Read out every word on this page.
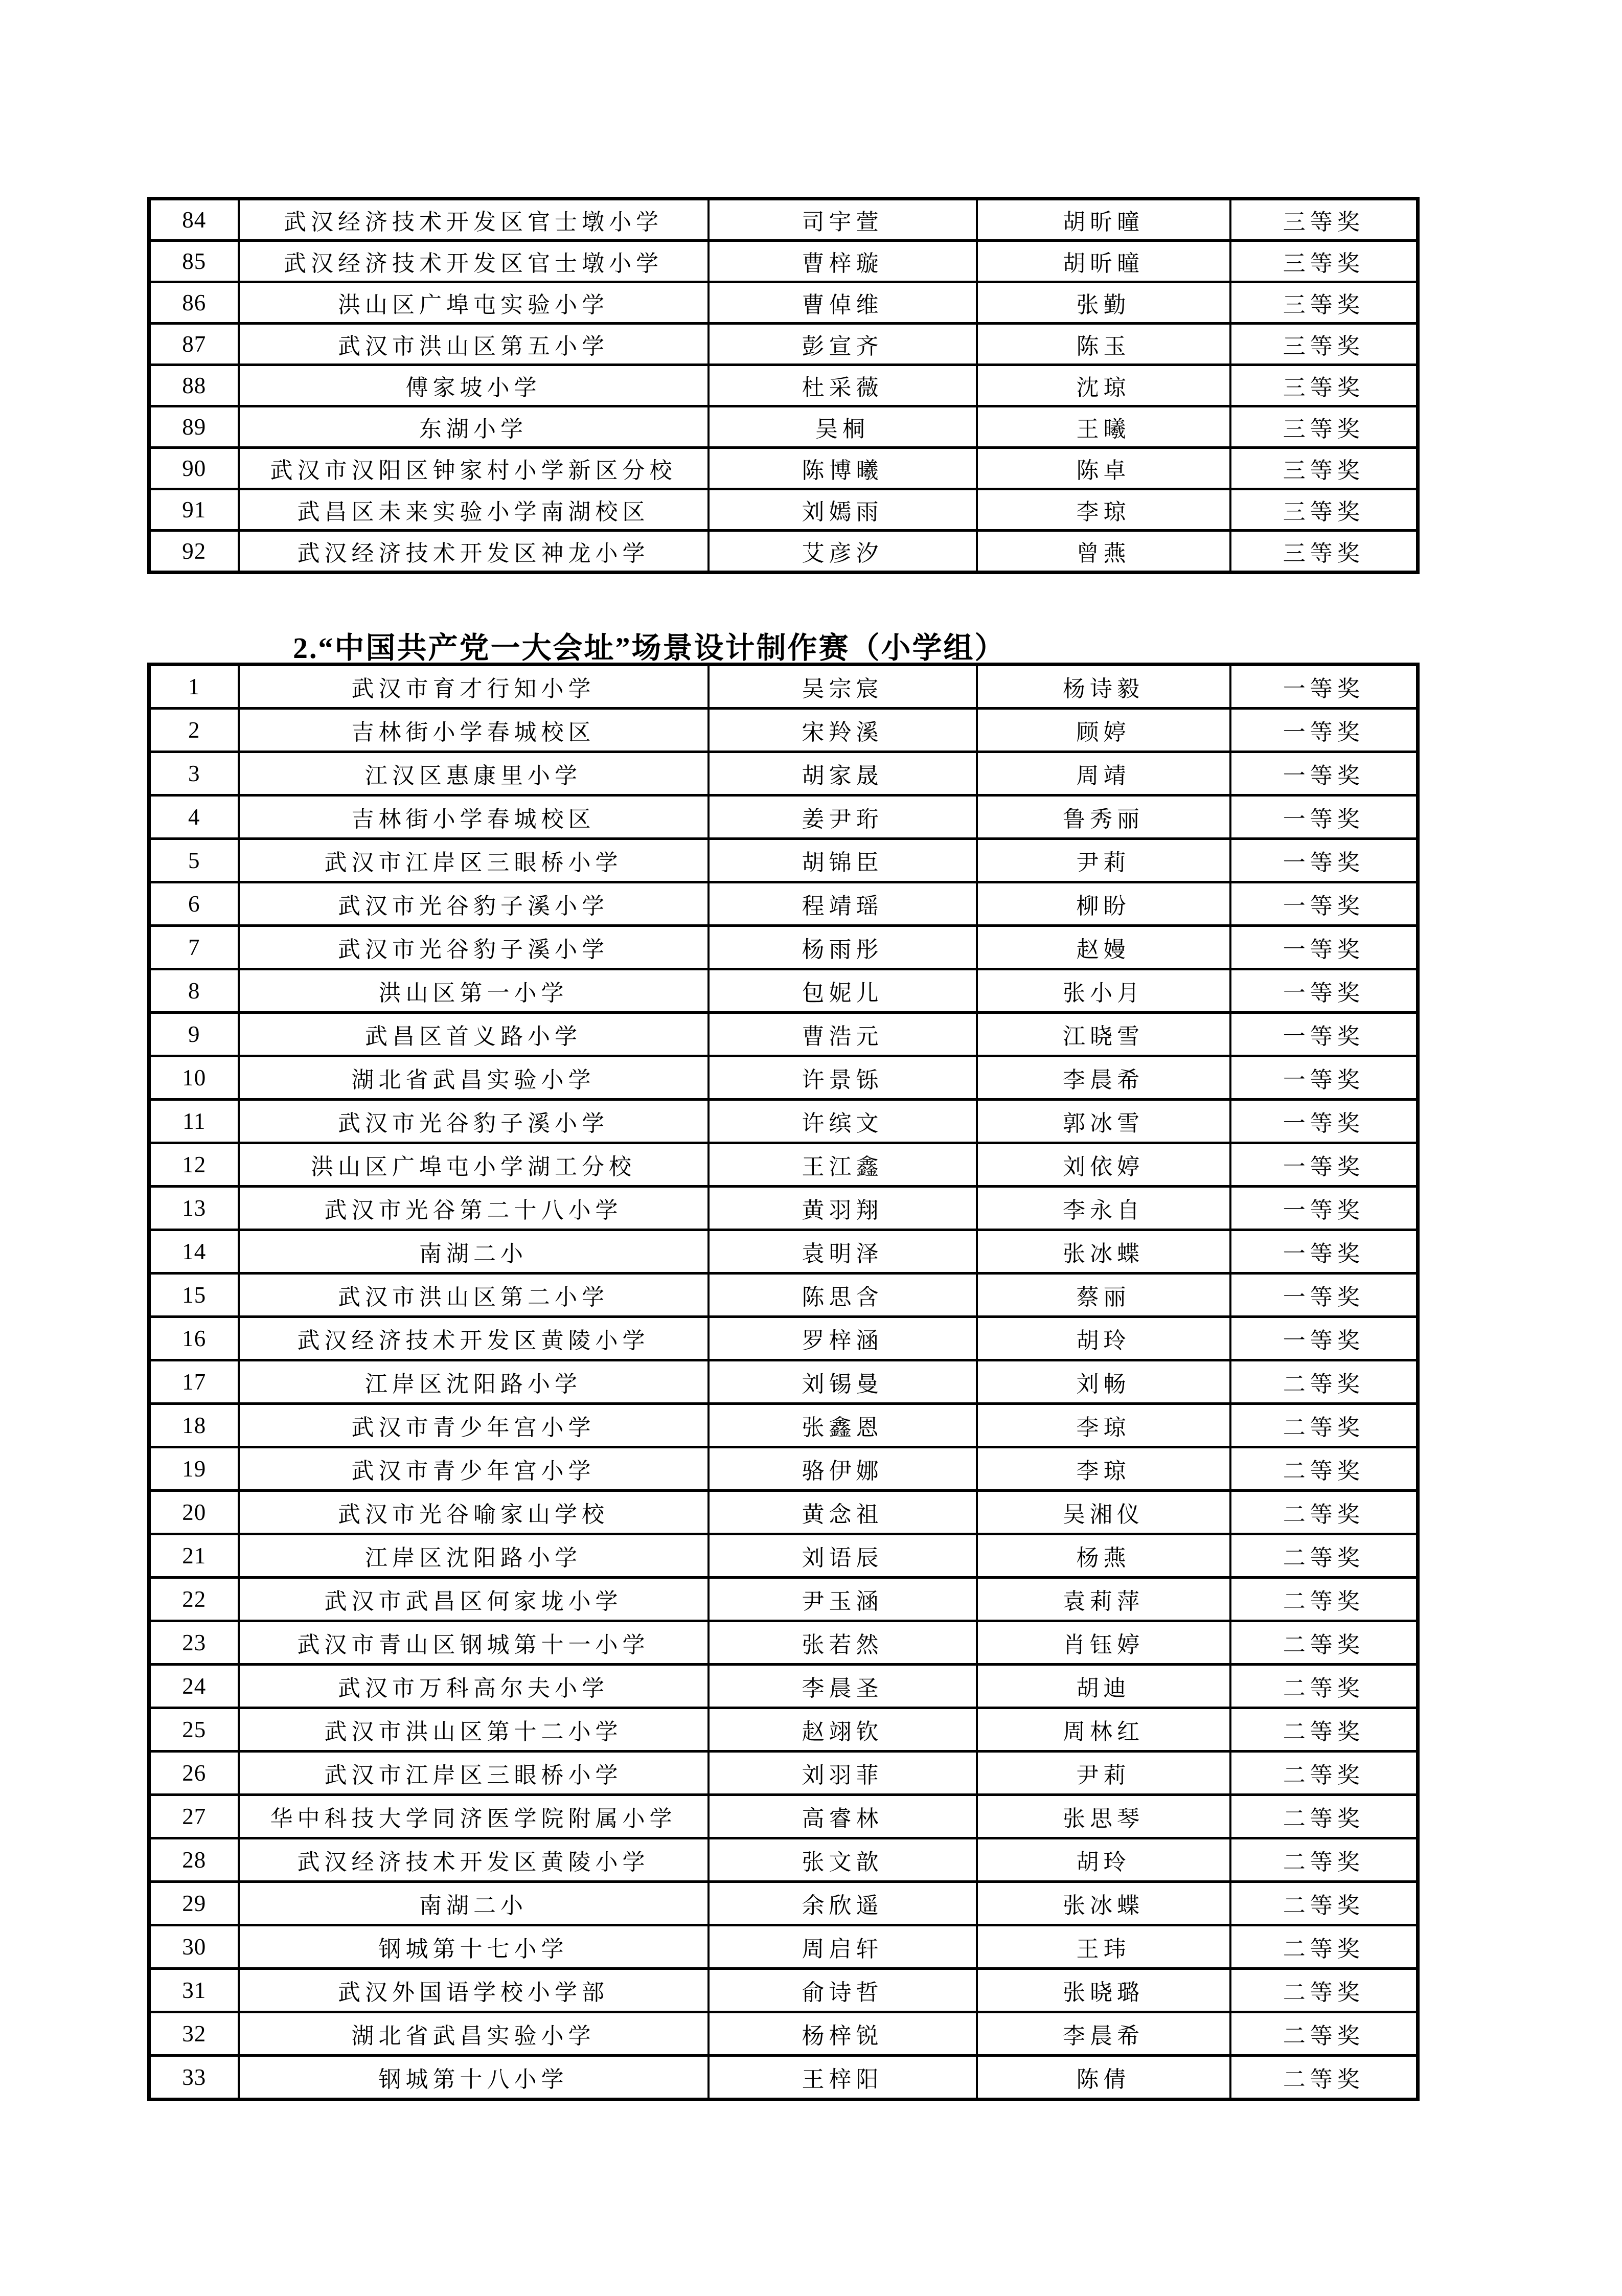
84	武汉经济技术开发区官士墩小学	司宇萱	胡昕曈	三等奖
85	武汉经济技术开发区官士墩小学	曹梓璇	胡昕曈	三等奖
86	洪山区广埠屯实验小学	曹倬维	张勤	三等奖
87	武汉市洪山区第五小学	彭宣齐	陈玉	三等奖
88	傅家坡小学	杜采薇	沈琼	三等奖
89	东湖小学	吴桐	王曦	三等奖
90	武汉市汉阳区钟家村小学新区分校	陈博曦	陈卓	三等奖
91	武昌区未来实验小学南湖校区	刘嫣雨	李琼	三等奖
92	武汉经济技术开发区神龙小学	艾彦汐	曾燕	三等奖
2.“中国共产党一大会址”场景设计制作赛（小学组）
1	武汉市育才行知小学	吴宗宸	杨诗毅	一等奖
2	吉林街小学春城校区	宋羚溪	顾婷	一等奖
3	江汉区惠康里小学	胡家晟	周靖	一等奖
4	吉林街小学春城校区	姜尹珩	鲁秀丽	一等奖
5	武汉市江岸区三眼桥小学	胡锦臣	尹莉	一等奖
6	武汉市光谷豹子溪小学	程靖瑶	柳盼	一等奖
7	武汉市光谷豹子溪小学	杨雨彤	赵嫚	一等奖
8	洪山区第一小学	包妮儿	张小月	一等奖
9	武昌区首义路小学	曹浩元	江晓雪	一等奖
10	湖北省武昌实验小学	许景铄	李晨希	一等奖
11	武汉市光谷豹子溪小学	许缤文	郭冰雪	一等奖
12	洪山区广埠屯小学湖工分校	王江鑫	刘依婷	一等奖
13	武汉市光谷第二十八小学	黄羽翔	李永自	一等奖
14	南湖二小	袁明泽	张冰蝶	一等奖
15	武汉市洪山区第二小学	陈思含	蔡丽	一等奖
16	武汉经济技术开发区黄陵小学	罗梓涵	胡玲	一等奖
17	江岸区沈阳路小学	刘锡曼	刘畅	二等奖
18	武汉市青少年宫小学	张鑫恩	李琼	二等奖
19	武汉市青少年宫小学	骆伊娜	李琼	二等奖
20	武汉市光谷喻家山学校	黄念祖	吴湘仪	二等奖
21	江岸区沈阳路小学	刘语辰	杨燕	二等奖
22	武汉市武昌区何家垅小学	尹玉涵	袁莉萍	二等奖
23	武汉市青山区钢城第十一小学	张若然	肖钰婷	二等奖
24	武汉市万科高尔夫小学	李晨圣	胡迪	二等奖
25	武汉市洪山区第十二小学	赵翊钦	周林红	二等奖
26	武汉市江岸区三眼桥小学	刘羽菲	尹莉	二等奖
27	华中科技大学同济医学院附属小学	高睿林	张思琴	二等奖
28	武汉经济技术开发区黄陵小学	张文歆	胡玲	二等奖
29	南湖二小	余欣遥	张冰蝶	二等奖
30	钢城第十七小学	周启轩	王玮	二等奖
31	武汉外国语学校小学部	俞诗哲	张晓璐	二等奖
32	湖北省武昌实验小学	杨梓锐	李晨希	二等奖
33	钢城第十八小学	王梓阳	陈倩	二等奖
